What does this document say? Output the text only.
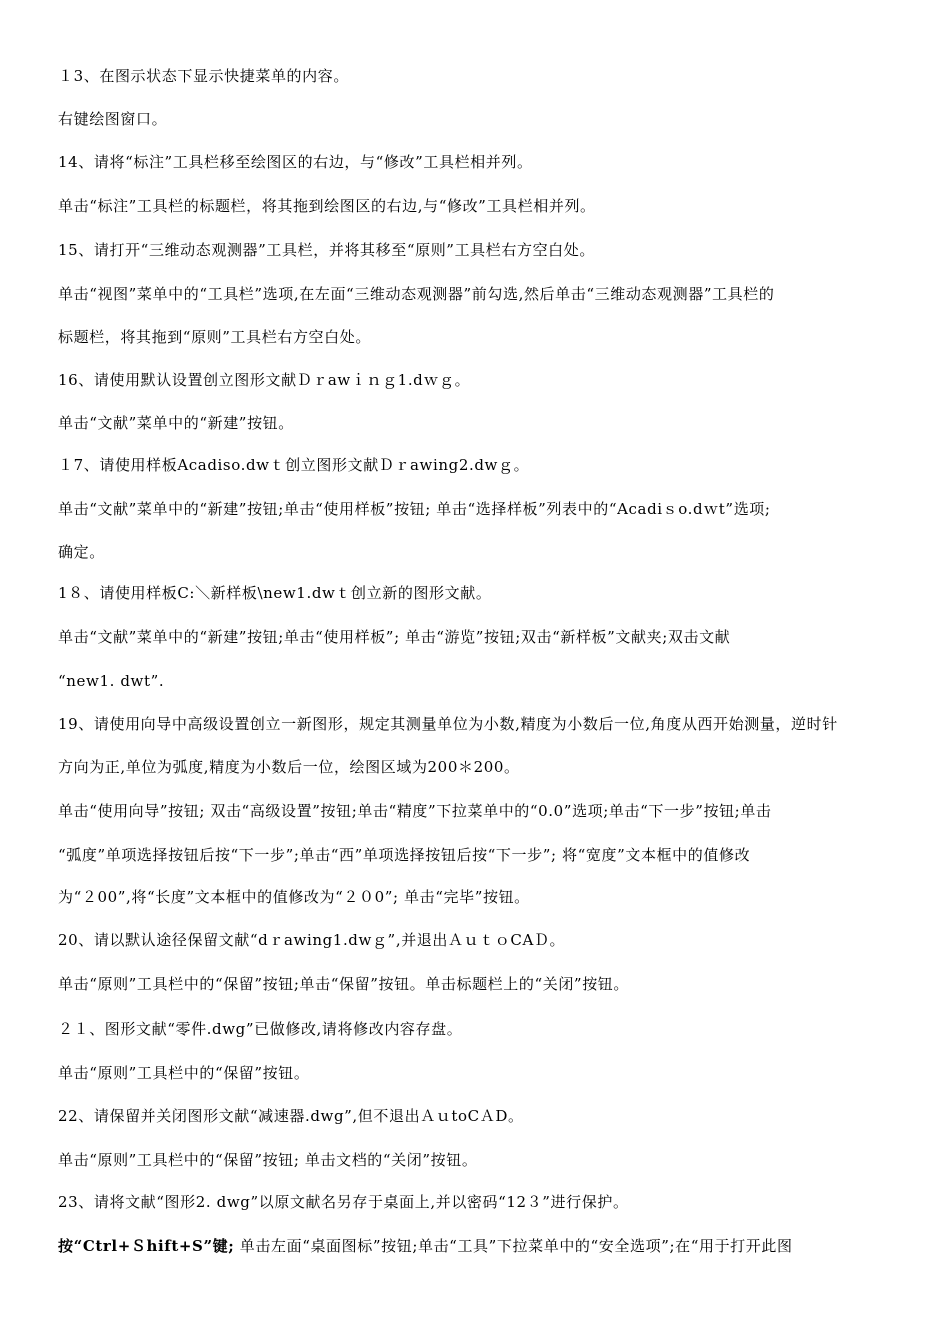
１3、在图示状态下显示快捷菜单的内容。
右键绘图窗口。
14、请将“标注”工具栏移至绘图区的右边，与“修改”工具栏相并列。
单击“标注”工具栏的标题栏，将其拖到绘图区的右边,与“修改”工具栏相并列。
15、请打开“三维动态观测器”工具栏，并将其移至“原则”工具栏右方空白处。
单击“视图”菜单中的“工具栏”选项,在左面“三维动态观测器”前勾选,然后单击“三维动态观测器”工具栏的
标题栏，将其拖到“原则”工具栏右方空白处。
16、请使用默认设置创立图形文献Ｄｒawｉｎｇ1.dｗｇ。
单击“文献”菜单中的“新建”按钮。
１7、请使用样板Acadiso.dwｔ创立图形文献Ｄｒawing2.dwｇ。
单击“文献”菜单中的“新建”按钮;单击“使用样板”按钮; 单击“选择样板”列表中的“Acadiｓo.dｗt”选项;
确定。
1８、请使用样板C:＼新样板\new1.dwｔ创立新的图形文献。
单击“文献”菜单中的“新建”按钮;单击“使用样板”; 单击“游览”按钮;双击“新样板”文献夹;双击文献
“new1. dwt”.
19、请使用向导中高级设置创立一新图形，规定其测量单位为小数,精度为小数后一位,角度从西开始测量，逆时针
方向为正,单位为弧度,精度为小数后一位，绘图区域为200＊200。
单击“使用向导”按钮; 双击“高级设置”按钮;单击“精度”下拉菜单中的“0.0”选项;单击“下一步”按钮;单击
“弧度”单项选择按钮后按“下一步”;单击“西”单项选择按钮后按“下一步”; 将“宽度”文本框中的值修改
为“２00”,将“长度”文本框中的值修改为“２０0”; 单击“完毕”按钮。
20、请以默认途径保留文献“dｒawing1.dwｇ”,并退出ＡｕｔｏCAＤ。
单击“原则”工具栏中的“保留”按钮;单击“保留”按钮。单击标题栏上的“关闭”按钮。
２１、图形文献“零件.dwg”已做修改,请将修改内容存盘。
单击“原则”工具栏中的“保留”按钮。
22、请保留并关闭图形文献“减速器.dwg”,但不退出ＡｕtoCＡD。
单击“原则”工具栏中的“保留”按钮; 单击文档的“关闭”按钮。
23、请将文献“图形2. dwg”以原文献名另存于桌面上,并以密码“12３”进行保护。
按“Ctrl+Ｓhift+S”键; 单击左面“桌面图标”按钮;单击“工具”下拉菜单中的“安全选项”;在“用于打开此图
